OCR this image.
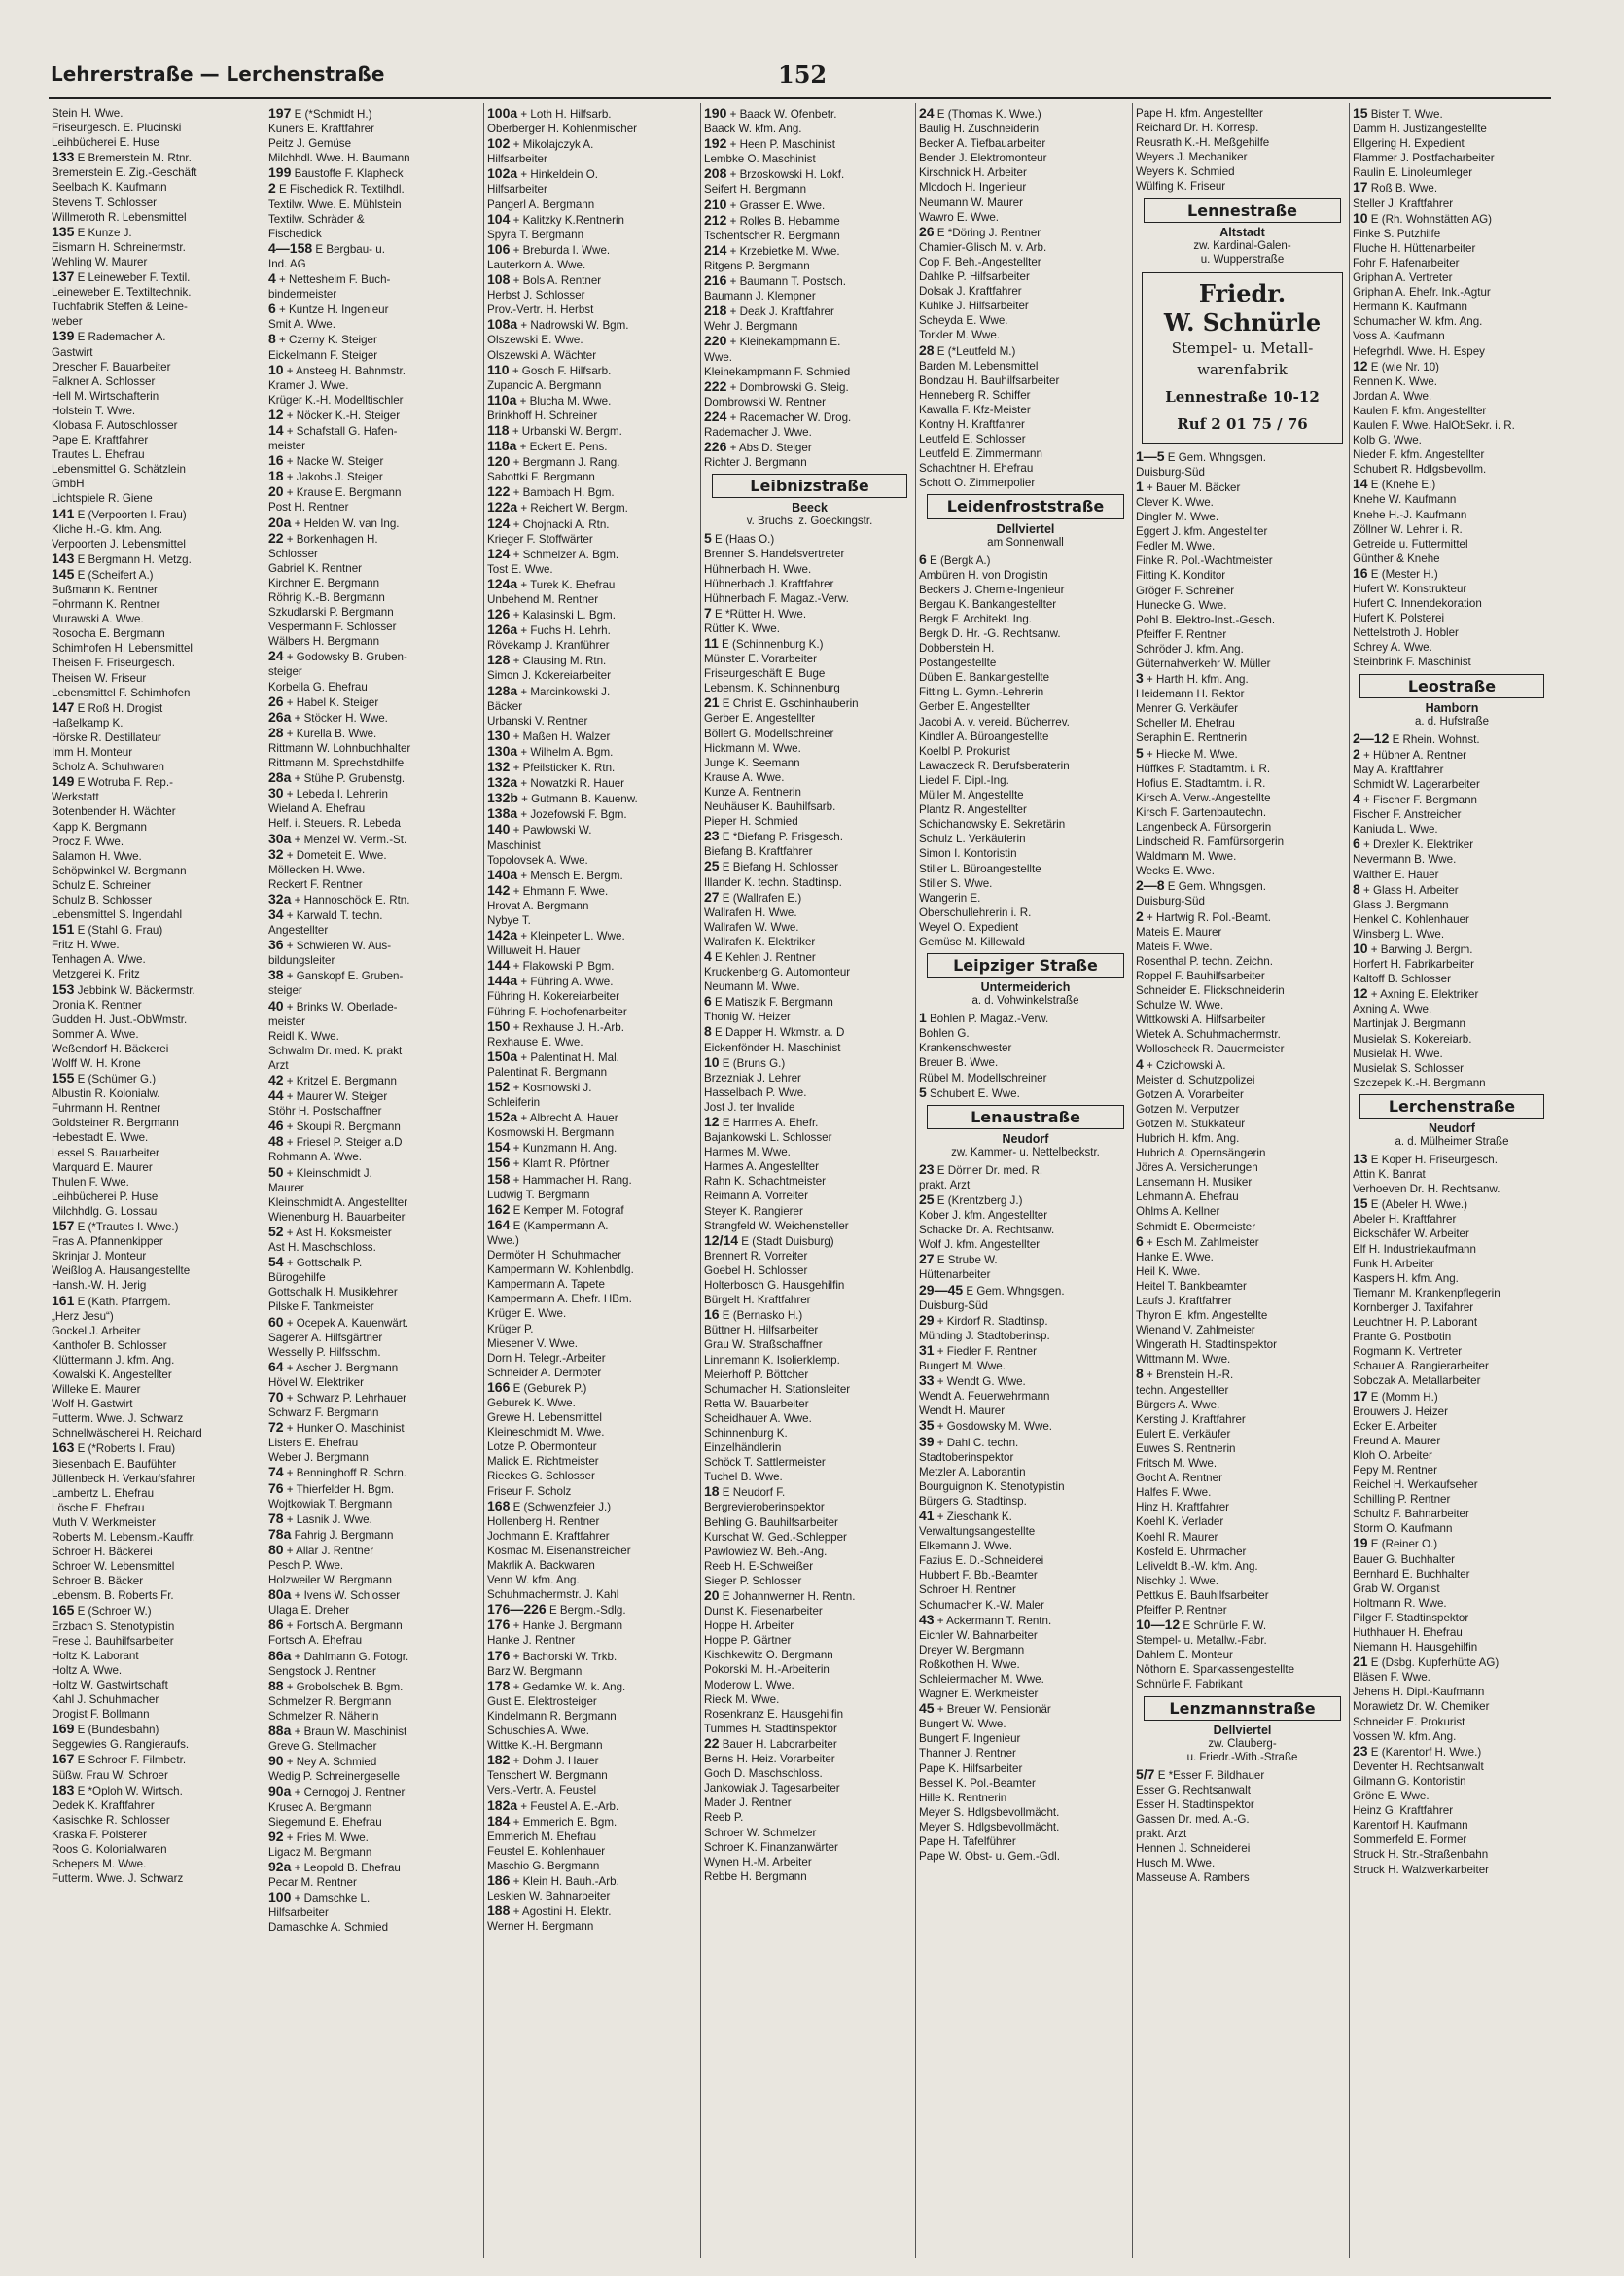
Lehrerstraße — Lerchenstraße	152
Stein H. Wwe.
Friseurgesch. E. Plucinski
Leihbücherei E. Huse
133 E Bremerstein M. Rtnr.
Bremerstein E. Zig.-Geschäft
Seelbach K. Kaufmann
Stevens T. Schlosser
Willmeroth R. Lebensmittel
135 E Kunze J.
Eismann H. Schreinermstr.
Wehling W. Maurer
137 E Leineweber F. Textil.
Leineweber E. Textiltechnik.
Tuchfabrik Steffen & Leine-
weber
139 E Rademacher A.
Gastwirt
Drescher F. Bauarbeiter
Falkner A. Schlosser
Hell M. Wirtschafterin
Holstein T. Wwe.
Klobasa F. Autoschlosser
Pape E. Kraftfahrer
Trautes L. Ehefrau
Lebensmittel G. Schätzlein
GmbH
Lichtspiele R. Giene
141 E (Verpoorten I. Frau)
Kliche H.-G. kfm. Ang.
Verpoorten J. Lebensmittel
143 E Bergmann H. Metzg.
145 E (Scheifert A.)
Bußmann K. Rentner
Fohrmann K. Rentner
Murawski A. Wwe.
Rosocha E. Bergmann
Schimhofen H. Lebensmittel
Theisen F. Friseurgesch.
Theisen W. Friseur
Lebensmittel F. Schimhofen
147 E Roß H. Drogist
Haßelkamp K.
Hörske R. Destillateur
Imm H. Monteur
Scholz A. Schuhwaren
149 E Wotruba F. Rep.-
Werkstatt
Botenbender H. Wächter
Kapp K. Bergmann
Procz F. Wwe.
Salamon H. Wwe.
Schöpwinkel W. Bergmann
Schulz E. Schreiner
Schulz B. Schlosser
Lebensmittel S. Ingendahl
151 E (Stahl G. Frau)
Fritz H. Wwe.
Tenhagen A. Wwe.
Metzgerei K. Fritz
153 Jebbink W. Bäckermstr.
Dronia K. Rentner
Gudden H. Just.-ObWmstr.
Sommer A. Wwe.
Weßendorf H. Bäckerei
Wolff W. H. Krone
155 E (Schümer G.)
Albustin R. Kolonialw.
Fuhrmann H. Rentner
Goldsteiner R. Bergmann
Hebestadt E. Wwe.
Lessel S. Bauarbeiter
Marquard E. Maurer
Thulen F. Wwe.
Leihbücherei P. Huse
Milchhdlg. G. Lossau
157 E (*Trautes I. Wwe.)
Fras A. Pfannenkipper
Skrinjar J. Monteur
Weißlog A. Hausangestellte
Hansh.-W. H. Jerig
161 E (Kath. Pfarrgem.
„Herz Jesu“)
Gockel J. Arbeiter
Kanthofer B. Schlosser
Klüttermann J. kfm. Ang.
Kowalski K. Angestellter
Willeke E. Maurer
Wolf H. Gastwirt
Futterm. Wwe. J. Schwarz
Schnellwäscherei H. Reichard
163 E (*Roberts I. Frau)
Biesenbach E. Baufühter
Jüllenbeck H. Verkaufsfahrer
Lambertz L. Ehefrau
Lösche E. Ehefrau
Muth V. Werkmeister
Roberts M. Lebensm.-Kauffr.
Schroer H. Bäckerei
Schroer W. Lebensmittel
Schroer B. Bäcker
Lebensm. B. Roberts Fr.
165 E (Schroer W.)
Erzbach S. Stenotypistin
Frese J. Bauhilfsarbeiter
Holtz K. Laborant
Holtz A. Wwe.
Holtz W. Gastwirtschaft
Kahl J. Schuhmacher
Drogist F. Bollmann
169 E (Bundesbahn)
Seggewies G. Rangieraufs.
167 E Schroer F. Filmbetr.
Süßw. Frau W. Schroer
183 E *Oploh W. Wirtsch.
Dedek K. Kraftfahrer
Kasischke R. Schlosser
Kraska F. Polsterer
Roos G. Kolonialwaren
Schepers M. Wwe.
Futterm. Wwe. J. Schwarz
197 E (*Schmidt H.)
Kuners E. Kraftfahrer
Peitz J. Gemüse
Milchhdl. Wwe. H. Baumann
199 Baustoffe F. Klapheck
2 E Fischedick R. Textilhdl.
Textilw. Wwe. E. Mühlstein
Textilw. Schräder &
Fischedick
4—158 E Bergbau- u.
Ind. AG
4 + Nettesheim F. Buch-
bindermeister
6 + Kuntze H. Ingenieur
Smit A. Wwe.
8 + Czerny K. Steiger
Eickelmann F. Steiger
10 + Ansteeg H. Bahnmstr.
Kramer J. Wwe.
Krüger K.-H. Modelltischler
12 + Nöcker K.-H. Steiger
14 + Schafstall G. Hafen-
meister
16 + Nacke W. Steiger
18 + Jakobs J. Steiger
20 + Krause E. Bergmann
Post H. Rentner
20a + Helden W. van Ing.
22 + Borkenhagen H.
Schlosser
Gabriel K. Rentner
Kirchner E. Bergmann
Röhrig K.-B. Bergmann
Szkudlarski P. Bergmann
Vespermann F. Schlosser
Wälbers H. Bergmann
24 + Godowsky B. Gruben-
steiger
Korbella G. Ehefrau
26 + Habel K. Steiger
26a + Stöcker H. Wwe.
28 + Kurella B. Wwe.
Rittmann W. Lohnbuchhalter
Rittmann M. Sprechstdhilfe
28a + Stühe P. Grubenstg.
30 + Lebeda I. Lehrerin
Wieland A. Ehefrau
Helf. i. Steuers. R. Lebeda
30a + Menzel W. Verm.-St.
32 + Dometeit E. Wwe.
Möllecken H. Wwe.
Reckert F. Rentner
32a + Hannoschöck E. Rtn.
34 + Karwald T. techn.
Angestellter
36 + Schwieren W. Aus-
bildungsleiter
38 + Ganskopf E. Gruben-
steiger
40 + Brinks W. Oberlade-
meister
Reidl K. Wwe.
Schwalm Dr. med. K. prakt
Arzt
42 + Kritzel E. Bergmann
44 + Maurer W. Steiger
Stöhr H. Postschaffner
46 + Skoupi R. Bergmann
48 + Friesel P. Steiger a.D
Rohmann A. Wwe.
50 + Kleinschmidt J.
Maurer
Kleinschmidt A. Angestellter
Wienenburg H. Bauarbeiter
52 + Ast H. Koksmeister
Ast H. Maschschloss.
54 + Gottschalk P.
Bürogehilfe
Gottschalk H. Musiklehrer
Pilske F. Tankmeister
60 + Ocepek A. Kauenwärt.
Sagerer A. Hilfsgärtner
Wesselly P. Hilfsschm.
64 + Ascher J. Bergmann
Hövel W. Elektriker
70 + Schwarz P. Lehrhauer
Schwarz F. Bergmann
72 + Hunker O. Maschinist
Listers E. Ehefrau
Weber J. Bergmann
74 + Benninghoff R. Schrn.
76 + Thierfelder H. Bgm.
Wojtkowiak T. Bergmann
78 + Lasnik J. Wwe.
78a Fahrig J. Bergmann
80 + Allar J. Rentner
Pesch P. Wwe.
Holzweiler W. Bergmann
80a + Ivens W. Schlosser
Ulaga E. Dreher
86 + Fortsch A. Bergmann
Fortsch A. Ehefrau
86a + Dahlmann G. Fotogr.
Sengstock J. Rentner
88 + Grobolschek B. Bgm.
Schmelzer R. Bergmann
Schmelzer R. Näherin
88a + Braun W. Maschinist
Greve G. Stellmacher
90 + Ney A. Schmied
Wedig P. Schreinergeselle
90a + Cernogoj J. Rentner
Krusec A. Bergmann
Siegemund E. Ehefrau
92 + Fries M. Wwe.
Ligacz M. Bergmann
92a + Leopold B. Ehefrau
Pecar M. Rentner
100 + Damschke L.
Hilfsarbeiter
Damaschke A. Schmied
100a + Loth H. Hilfsarb.
Oberberger H. Kohlenmischer
102 + Mikolajczyk A.
Hilfsarbeiter
102a + Hinkeldein O.
Hilfsarbeiter
Pangerl A. Bergmann
104 + Kalitzky K.Rentnerin
Spyra T. Bergmann
106 + Breburda I. Wwe.
Lauterkorn A. Wwe.
108 + Bols A. Rentner
Herbst J. Schlosser
Prov.-Vertr. H. Herbst
108a + Nadrowski W. Bgm.
Olszewski E. Wwe.
Olszewski A. Wächter
110 + Gosch F. Hilfsarb.
Zupancic A. Bergmann
110a + Blucha M. Wwe.
Brinkhoff H. Schreiner
118 + Urbanski W. Bergm.
118a + Eckert E. Pens.
120 + Bergmann J. Rang.
Sabottki F. Bergmann
122 + Bambach H. Bgm.
122a + Reichert W. Bergm.
124 + Chojnacki A. Rtn.
Krieger F. Stoffwärter
124 + Schmelzer A. Bgm.
Tost E. Wwe.
124a + Turek K. Ehefrau
Unbehend M. Rentner
126 + Kalasinski L. Bgm.
126a + Fuchs H. Lehrh.
Rövekamp J. Kranführer
128 + Clausing M. Rtn.
Simon J. Kokereiarbeiter
128a + Marcinkowski J.
Bäcker
Urbanski V. Rentner
130 + Maßen H. Walzer
130a + Wilhelm A. Bgm.
132 + Pfeilsticker K. Rtn.
132a + Nowatzki R. Hauer
132b + Gutmann B. Kauenw.
138a + Jozefowski F. Bgm.
140 + Pawlowski W.
Maschinist
Topolovsek A. Wwe.
140a + Mensch E. Bergm.
142 + Ehmann F. Wwe.
Hrovat A. Bergmann
Nybye T.
142a + Kleinpeter L. Wwe.
Willuweit H. Hauer
144 + Flakowski P. Bgm.
144a + Führing A. Wwe.
Führing H. Kokereiarbeiter
Führing F. Hochofenarbeiter
150 + Rexhause J. H.-Arb.
Rexhause E. Wwe.
150a + Palentinat H. Mal.
Palentinat R. Bergmann
152 + Kosmowski J.
Schleiferin
152a + Albrecht A. Hauer
Kosmowski H. Bergmann
154 + Kunzmann H. Ang.
156 + Klamt R. Pförtner
158 + Hammacher H. Rang.
Ludwig T. Bergmann
162 E Kemper M. Fotograf
164 E (Kampermann A.
Wwe.)
Dermöter H. Schuhmacher
Kampermann W. Kohlenbdlg.
Kampermann A. Tapete
Kampermann A. Ehefr. HBm.
Krüger E. Wwe.
Krüger P.
Miesener V. Wwe.
Dorn H. Telegr.-Arbeiter
Schneider A. Dermoter
166 E (Geburek P.)
Geburek K. Wwe.
Grewe H. Lebensmittel
Kleineschmidt M. Wwe.
Lotze P. Obermonteur
Malick E. Richtmeister
Rieckes G. Schlosser
Friseur F. Scholz
168 E (Schwenzfeier J.)
Hollenberg H. Rentner
Jochmann E. Kraftfahrer
Kosmac M. Eisenanstreicher
Makrlik A. Backwaren
Venn W. kfm. Ang.
Schuhmachermstr. J. Kahl
176—226 E Bergm.-Sdlg.
176 + Hanke J. Bergmann
Hanke J. Rentner
176 + Bachorski W. Trkb.
Barz W. Bergmann
178 + Gedamke W. k. Ang.
Gust E. Elektrosteiger
Kindelmann R. Bergmann
Schuschies A. Wwe.
Wittke K.-H. Bergmann
182 + Dohm J. Hauer
Tenschert W. Bergmann
Vers.-Vertr. A. Feustel
182a + Feustel A. E.-Arb.
184 + Emmerich E. Bgm.
Emmerich M. Ehefrau
Feustel E. Kohlenhauer
Maschio G. Bergmann
186 + Klein H. Bauh.-Arb.
Leskien W. Bahnarbeiter
188 + Agostini H. Elektr.
Werner H. Bergmann
190 + Baack W. Ofenbetr.
Baack W. kfm. Ang.
192 + Heen P. Maschinist
Lembke O. Maschinist
208 + Brzoskowski H. Lokf.
Seifert H. Bergmann
210 + Grasser E. Wwe.
212 + Rolles B. Hebamme
Tschentscher R. Bergmann
214 + Krzebietke M. Wwe.
Ritgens P. Bergmann
216 + Baumann T. Postsch.
Baumann J. Klempner
218 + Deak J. Kraftfahrer
Wehr J. Bergmann
220 + Kleinekampmann E.
Wwe.
Kleinekampmann F. Schmied
222 + Dombrowski G. Steig.
Dombrowski W. Rentner
224 + Rademacher W. Drog.
Rademacher J. Wwe.
226 + Abs D. Steiger
Richter J. Bergmann
Leibnizstraße
Beeck
v. Bruchs. z. Goeckingstr.
5 E (Haas O.)
Brenner S. Handelsvertreter
Hühnerbach H. Wwe.
Hühnerbach J. Kraftfahrer
Hühnerbach F. Magaz.-Verw.
7 E *Rütter H. Wwe.
Rütter K. Wwe.
11 E (Schinnenburg K.)
Münster E. Vorarbeiter
Friseurgeschäft E. Buge
Lebensm. K. Schinnenburg
21 E Christ E. Gschinhauberin
Gerber E. Angestellter
Böllert G. Modellschreiner
Hickmann M. Wwe.
Junge K. Seemann
Krause A. Wwe.
Kunze A. Rentnerin
Neuhäuser K. Bauhilfsarb.
Pieper H. Schmied
23 E *Biefang P. Frisgesch.
Biefang B. Kraftfahrer
25 E Biefang H. Schlosser
Illander K. techn. Stadtinsp.
27 E (Wallrafen E.)
Wallrafen H. Wwe.
Wallrafen W. Wwe.
Wallrafen K. Elektriker
4 E Kehlen J. Rentner
Kruckenberg G. Automonteur
Neumann M. Wwe.
6 E Matiszik F. Bergmann
Thonig W. Heizer
8 E Dapper H. Wkmstr. a. D
Eickenfönder H. Maschinist
10 E (Bruns G.)
Brzezniak J. Lehrer
Hasselbach P. Wwe.
Jost J. ter Invalide
12 E Harmes A. Ehefr.
Bajankowski L. Schlosser
Harmes M. Wwe.
Harmes A. Angestellter
Rahn K. Schachtmeister
Reimann A. Vorreiter
Steyer K. Rangierer
Strangfeld W. Weichensteller
12/14 E (Stadt Duisburg)
Brennert R. Vorreiter
Goebel H. Schlosser
Holterbosch G. Hausgehilfin
Bürgelt H. Kraftfahrer
16 E (Bernasko H.)
Büttner H. Hilfsarbeiter
Grau W. Straßschaffner
Linnemann K. Isolierklemp.
Meierhoff P. Böttcher
Schumacher H. Stationsleiter
Retta W. Bauarbeiter
Scheidhauer A. Wwe.
Schinnenburg K.
Einzelhändlerin
Schöck T. Sattlermeister
Tuchel B. Wwe.
18 E Neudorf F.
Bergrevieroberinspektor
Behling G. Bauhilfsarbeiter
Kurschat W. Ged.-Schlepper
Pawlowiez W. Beh.-Ang.
Reeb H. E-Schweißer
Sieger P. Schlosser
20 E Johannwerner H. Rentn.
Dunst K. Fiesenarbeiter
Hoppe H. Arbeiter
Hoppe P. Gärtner
Kischkewitz O. Bergmann
Pokorski M. H.-Arbeiterin
Moderow L. Wwe.
Rieck M. Wwe.
Rosenkranz E. Hausgehilfin
Tummes H. Stadtinspektor
22 Bauer H. Laborarbeiter
Berns H. Heiz. Vorarbeiter
Goch D. Maschschloss.
Jankowiak J. Tagesarbeiter
Mader J. Rentner
Reeb P.
Schroer W. Schmelzer
Schroer K. Finanzanwärter
Wynen H.-M. Arbeiter
Rebbe H. Bergmann
24 E (Thomas K. Wwe.)
Baulig H. Zuschneiderin
Becker A. Tiefbauarbeiter
Bender J. Elektromonteur
Kirschnick H. Arbeiter
Mlodoch H. Ingenieur
Neumann W. Maurer
Wawro E. Wwe.
26 E *Döring J. Rentner
Chamier-Glisch M. v. Arb.
Cop F. Beh.-Angestellter
Dahlke P. Hilfsarbeiter
Dolsak J. Kraftfahrer
Kuhlke J. Hilfsarbeiter
Scheyda E. Wwe.
Torkler M. Wwe.
28 E (*Leutfeld M.)
Barden M. Lebensmittel
Bondzau H. Bauhilfsarbeiter
Henneberg R. Schiffer
Kawalla F. Kfz-Meister
Kontny H. Kraftfahrer
Leutfeld E. Schlosser
Leutfeld E. Zimmermann
Schachtner H. Ehefrau
Schott O. Zimmerpolier
Leidenfroststraße
Dellviertel
am Sonnenwall
6 E (Bergk A.)
Ambüren H. von Drogistin
Beckers J. Chemie-Ingenieur
Bergau K. Bankangestellter
Bergk F. Architekt. Ing.
Bergk D. Hr. -G. Rechtsanw.
Dobberstein H.
Postangestellte
Düben E. Bankangestellte
Fitting L. Gymn.-Lehrerin
Gerber E. Angestellter
Jacobi A. v. vereid. Bücherrev.
Kindler A. Büroangestellte
Koelbl P. Prokurist
Lawaczeck R. Berufsberaterin
Liedel F. Dipl.-Ing.
Müller M. Angestellte
Plantz R. Angestellter
Schichanowsky E. Sekretärin
Schulz L. Verkäuferin
Simon I. Kontoristin
Stiller L. Büroangestellte
Stiller S. Wwe.
Wangerin E.
Oberschullehrerin i. R.
Weyel O. Expedient
Gemüse M. Killewald
Leipziger Straße
Untermeiderich
a. d. Vohwinkelstraße
1 Bohlen P. Magaz.-Verw.
Bohlen G.
Krankenschwester
Breuer B. Wwe.
Rübel M. Modellschreiner
5 Schubert E. Wwe.
Lenaustraße
Neudorf
zw. Kammer- u. Nettelbeckstr.
23 E Dörner Dr. med. R.
prakt. Arzt
25 E (Krentzberg J.)
Kober J. kfm. Angestellter
Schacke Dr. A. Rechtsanw.
Wolf J. kfm. Angestellter
27 E Strube W.
Hüttenarbeiter
29—45 E Gem. Whngsgen.
Duisburg-Süd
29 + Kirdorf R. Stadtinsp.
Münding J. Stadtoberinsp.
31 + Fiedler F. Rentner
Bungert M. Wwe.
33 + Wendt G. Wwe.
Wendt A. Feuerwehrmann
Wendt H. Maurer
35 + Gosdowsky M. Wwe.
39 + Dahl C. techn.
Stadtoberinspektor
Metzler A. Laborantin
Bourguignon K. Stenotypistin
Bürgers G. Stadtinsp.
41 + Zieschank K.
Verwaltungsangestellte
Elkemann J. Wwe.
Fazius E. D.-Schneiderei
Hubbert F. Bb.-Beamter
Schroer H. Rentner
Schumacher K.-W. Maler
43 + Ackermann T. Rentn.
Eichler W. Bahnarbeiter
Dreyer W. Bergmann
Roßkothen H. Wwe.
Schleiermacher M. Wwe.
Wagner E. Werkmeister
45 + Breuer W. Pensionär
Bungert W. Wwe.
Bungert F. Ingenieur
Thanner J. Rentner
Pape K. Hilfsarbeiter
Bessel K. Pol.-Beamter
Hille K. Rentnerin
Meyer S. Hdlgsbevollmächt.
Meyer S. Hdlgsbevollmächt.
Pape H. Tafelführer
Pape W. Obst- u. Gem.-Gdl.
Pape H. kfm. Angestellter
Reichard Dr. H. Korresp.
Reusrath K.-H. Meßgehilfe
Weyers J. Mechaniker
Weyers K. Schmied
Wülfing K. Friseur
Lennestraße
Altstadt
zw. Kardinal-Galen-
u. Wupperstraße
Friedr.
W. Schnürle
Stempel- u. Metall-
warenfabrik
Lennestraße 10-12
Ruf 2 01 75 / 76
1—5 E Gem. Whngsgen.
Duisburg-Süd
1 + Bauer M. Bäcker
Clever K. Wwe.
Dingler M. Wwe.
Eggert J. kfm. Angestellter
Fedler M. Wwe.
Finke R. Pol.-Wachtmeister
Fitting K. Konditor
Gröger F. Schreiner
Hunecke G. Wwe.
Pohl B. Elektro-Inst.-Gesch.
Pfeiffer F. Rentner
Schröder J. kfm. Ang.
Güternahverkehr W. Müller
3 + Harth H. kfm. Ang.
Heidemann H. Rektor
Menrer G. Verkäufer
Scheller M. Ehefrau
Seraphin E. Rentnerin
5 + Hiecke M. Wwe.
Hüffkes P. Stadtamtm. i. R.
Hofius E. Stadtamtm. i. R.
Kirsch A. Verw.-Angestellte
Kirsch F. Gartenbautechn.
Langenbeck A. Fürsorgerin
Lindscheid R. Famfürsorgerin
Waldmann M. Wwe.
Wecks E. Wwe.
2—8 E Gem. Whngsgen.
Duisburg-Süd
2 + Hartwig R. Pol.-Beamt.
Mateis E. Maurer
Mateis F. Wwe.
Rosenthal P. techn. Zeichn.
Roppel F. Bauhilfsarbeiter
Schneider E. Flickschneiderin
Schulze W. Wwe.
Wittkowski A. Hilfsarbeiter
Wietek A. Schuhmachermstr.
Wolloscheck R. Dauermeister
4 + Czichowski A.
Meister d. Schutzpolizei
Gotzen A. Vorarbeiter
Gotzen M. Verputzer
Gotzen M. Stukkateur
Hubrich H. kfm. Ang.
Hubrich A. Opernsängerin
Jöres A. Versicherungen
Lansemann H. Musiker
Lehmann A. Ehefrau
Ohlms A. Kellner
Schmidt E. Obermeister
6 + Esch M. Zahlmeister
Hanke E. Wwe.
Heil K. Wwe.
Heitel T. Bankbeamter
Laufs J. Kraftfahrer
Thyron E. kfm. Angestellte
Wienand V. Zahlmeister
Wingerath H. Stadtinspektor
Wittmann M. Wwe.
8 + Brenstein H.-R.
techn. Angestellter
Bürgers A. Wwe.
Kersting J. Kraftfahrer
Eulert E. Verkäufer
Euwes S. Rentnerin
Fritsch M. Wwe.
Gocht A. Rentner
Halfes F. Wwe.
Hinz H. Kraftfahrer
Koehl K. Verlader
Koehl R. Maurer
Kosfeld E. Uhrmacher
Leliveldt B.-W. kfm. Ang.
Nischky J. Wwe.
Pettkus E. Bauhilfsarbeiter
Pfeiffer P. Rentner
10—12 E Schnürle F. W.
Stempel- u. Metallw.-Fabr.
Dahlem E. Monteur
Nöthorn E. Sparkassengestellte
Schnürle F. Fabrikant
Lenzmannstraße
Dellviertel
zw. Clauberg-
u. Friedr.-With.-Straße
5/7 E *Esser F. Bildhauer
Esser G. Rechtsanwalt
Esser H. Stadtinspektor
Gassen Dr. med. A.-G.
prakt. Arzt
Hennen J. Schneiderei
Husch M. Wwe.
Masseuse A. Rambers
15 Bister T. Wwe.
Damm H. Justizangestellte
Ellgering H. Expedient
Flammer J. Postfacharbeiter
Raulin E. Linoleumleger
17 Roß B. Wwe.
Steller J. Kraftfahrer
10 E (Rh. Wohnstätten AG)
Finke S. Putzhilfe
Fluche H. Hüttenarbeiter
Fohr F. Hafenarbeiter
Griphan A. Vertreter
Griphan A. Ehefr. Ink.-Agtur
Hermann K. Kaufmann
Schumacher W. kfm. Ang.
Voss A. Kaufmann
Hefegrhdl. Wwe. H. Espey
12 E (wie Nr. 10)
Rennen K. Wwe.
Jordan A. Wwe.
Kaulen F. kfm. Angestellter
Kaulen F. Wwe. HalObSekr. i. R.
Kolb G. Wwe.
Nieder F. kfm. Angestellter
Schubert R. Hdlgsbevollm.
14 E (Knehe E.)
Knehe W. Kaufmann
Knehe H.-J. Kaufmann
Zöllner W. Lehrer i. R.
Getreide u. Futtermittel
Günther & Knehe
16 E (Mester H.)
Hufert W. Konstrukteur
Hufert C. Innendekoration
Hufert K. Polsterei
Nettelstroth J. Hobler
Schrey A. Wwe.
Steinbrink F. Maschinist
Leostraße
Hamborn
a. d. Hufstraße
2—12 E Rhein. Wohnst.
2 + Hübner A. Rentner
May A. Kraftfahrer
Schmidt W. Lagerarbeiter
4 + Fischer F. Bergmann
Fischer F. Anstreicher
Kaniuda L. Wwe.
6 + Drexler K. Elektriker
Nevermann B. Wwe.
Walther E. Hauer
8 + Glass H. Arbeiter
Glass J. Bergmann
Henkel C. Kohlenhauer
Winsberg L. Wwe.
10 + Barwing J. Bergm.
Horfert H. Fabrikarbeiter
Kaltoff B. Schlosser
12 + Axning E. Elektriker
Axning A. Wwe.
Martinjak J. Bergmann
Musielak S. Kokereiarb.
Musielak H. Wwe.
Musielak S. Schlosser
Szczepek K.-H. Bergmann
Lerchenstraße
Neudorf
a. d. Mülheimer Straße
13 E Koper H. Friseurgesch.
Attin K. Banrat
Verhoeven Dr. H. Rechtsanw.
15 E (Abeler H. Wwe.)
Abeler H. Kraftfahrer
Bickschäfer W. Arbeiter
Elf H. Industriekaufmann
Funk H. Arbeiter
Kaspers H. kfm. Ang.
Tiemann M. Krankenpflegerin
Kornberger J. Taxifahrer
Leuchtner H. P. Laborant
Prante G. Postbotin
Rogmann K. Vertreter
Schauer A. Rangierarbeiter
Sobczak A. Metallarbeiter
17 E (Momm H.)
Brouwers J. Heizer
Ecker E. Arbeiter
Freund A. Maurer
Kloh O. Arbeiter
Pepy M. Rentner
Reichel H. Werkaufseher
Schilling P. Rentner
Schultz F. Bahnarbeiter
Storm O. Kaufmann
19 E (Reiner O.)
Bauer G. Buchhalter
Bernhard E. Buchhalter
Grab W. Organist
Holtmann R. Wwe.
Pilger F. Stadtinspektor
Huthhauer H. Ehefrau
Niemann H. Hausgehilfin
21 E (Dsbg. Kupferhütte AG)
Bläsen F. Wwe.
Jehens H. Dipl.-Kaufmann
Morawietz Dr. W. Chemiker
Schneider E. Prokurist
Vossen W. kfm. Ang.
23 E (Karentorf H. Wwe.)
Deventer H. Rechtsanwalt
Gilmann G. Kontoristin
Gröne E. Wwe.
Heinz G. Kraftfahrer
Karentorf H. Kaufmann
Sommerfeld E. Former
Struck H. Str.-Straßenbahn
Struck H. Walzwerkarbeiter
